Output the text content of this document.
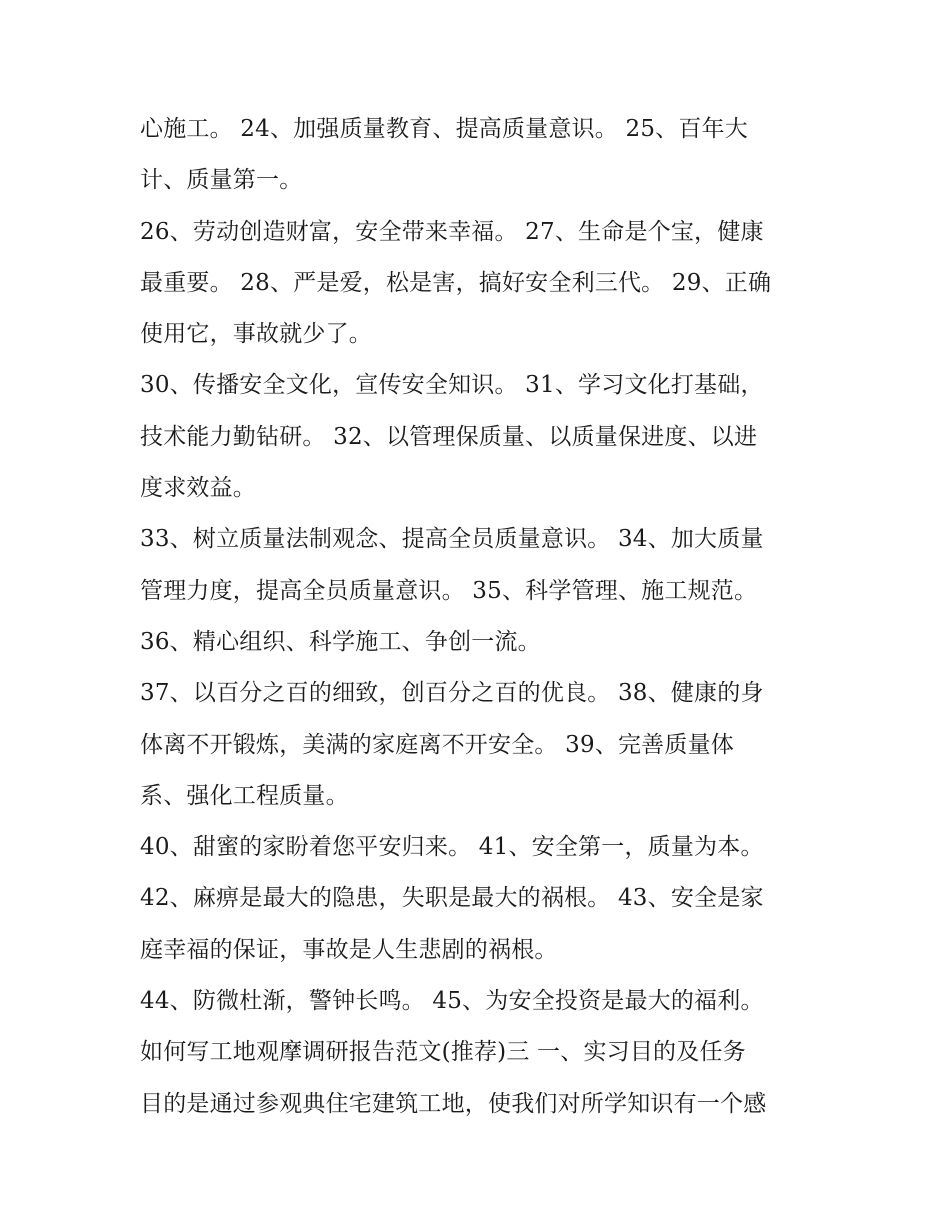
心施工。 24、加强质量教育、提高质量意识。 25、百年大
计、质量第一。
26、劳动创造财富，安全带来幸福。 27、生命是个宝，健康
最重要。 28、严是爱，松是害，搞好安全利三代。 29、正确
使用它，事故就少了。
30、传播安全文化，宣传安全知识。 31、学习文化打基础，
技术能力勤钻研。 32、以管理保质量、以质量保进度、以进
度求效益。
33、树立质量法制观念、提高全员质量意识。 34、加大质量
管理力度，提高全员质量意识。 35、科学管理、施工规范。
36、精心组织、科学施工、争创一流。
37、以百分之百的细致，创百分之百的优良。 38、健康的身
体离不开锻炼，美满的家庭离不开安全。 39、完善质量体
系、强化工程质量。
40、甜蜜的家盼着您平安归来。 41、安全第一，质量为本。
42、麻痹是最大的隐患，失职是最大的祸根。 43、安全是家
庭幸福的保证，事故是人生悲剧的祸根。
44、防微杜渐，警钟长鸣。 45、为安全投资是最大的福利。
如何写工地观摩调研报告范文(推荐)三 一、实习目的及任务
目的是通过参观典住宅建筑工地，使我们对所学知识有一个感
